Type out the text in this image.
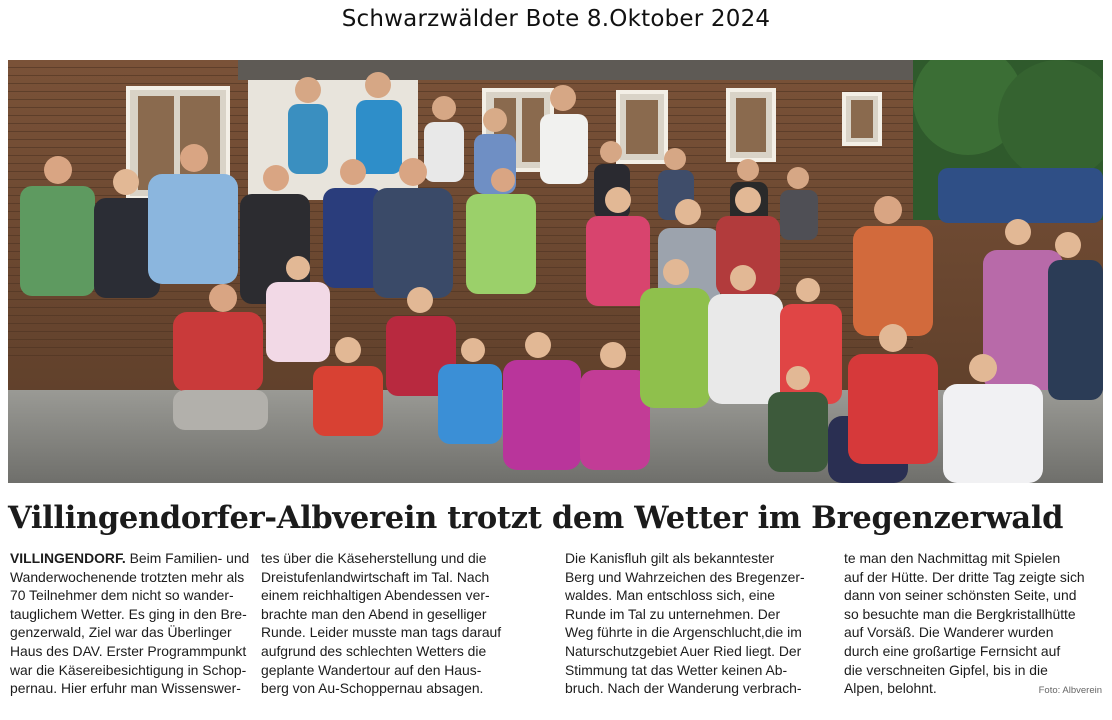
Schwarzwälder Bote 8.Oktober 2024
Villingendorfer-Albverein trotzt dem Wetter im Bregenzerwald
VILLINGENDORF. Beim Familien- und
Wanderwochenende trotzten mehr als
70 Teilnehmer dem nicht so wander-
tauglichem Wetter. Es ging in den Bre-
genzerwald, Ziel war das Überlinger
Haus des DAV. Erster Programmpunkt
war die Käsereibesichtigung in Schop-
pernau. Hier erfuhr man Wissenswer-
tes über die Käseherstellung und die
Dreistufenlandwirtschaft im Tal. Nach
einem reichhaltigen Abendessen ver-
brachte man den Abend in geselliger
Runde. Leider musste man tags darauf
aufgrund des schlechten Wetters die
geplante Wandertour auf den Haus-
berg von Au-Schoppernau absagen.
Die Kanisfluh gilt als bekanntester
Berg und Wahrzeichen des Bregenzer-
waldes. Man entschloss sich, eine
Runde im Tal zu unternehmen. Der
Weg führte in die Argenschlucht,die im
Naturschutzgebiet Auer Ried liegt. Der
Stimmung tat das Wetter keinen Ab-
bruch. Nach der Wanderung verbrach-
te man den Nachmittag mit Spielen
auf der Hütte. Der dritte Tag zeigte sich
dann von seiner schönsten Seite, und
so besuchte man die Bergkristallhütte
auf Vorsäß. Die Wanderer wurden
durch eine großartige Fernsicht auf
die verschneiten Gipfel, bis in die
Alpen, belohnt.	Foto: Albverein
